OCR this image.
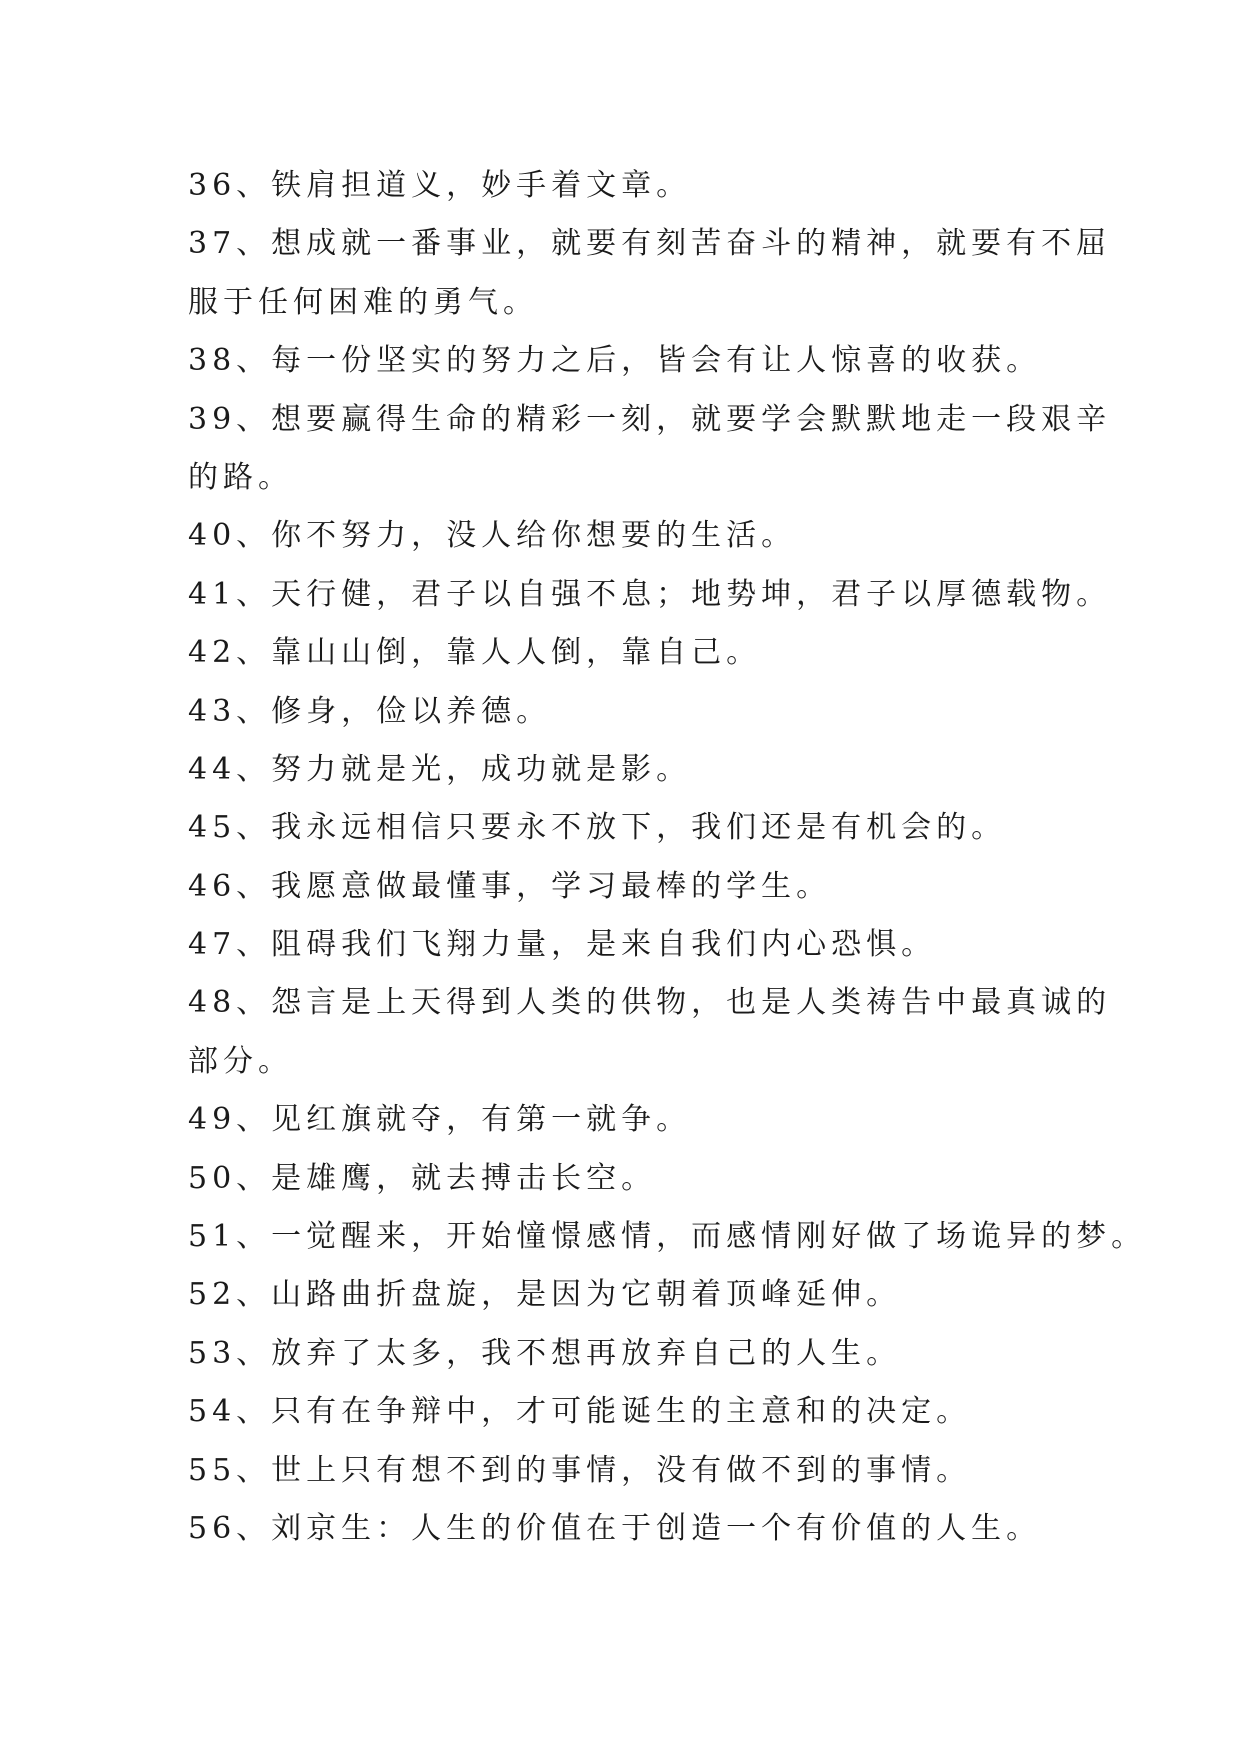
36、铁肩担道义，妙手着文章。
37、想成就一番事业，就要有刻苦奋斗的精神，就要有不屈
服于任何困难的勇气。
38、每一份坚实的努力之后，皆会有让人惊喜的收获。
39、想要赢得生命的精彩一刻，就要学会默默地走一段艰辛
的路。
40、你不努力，没人给你想要的生活。
41、天行健，君子以自强不息；地势坤，君子以厚德载物。
42、靠山山倒，靠人人倒，靠自己。
43、修身，俭以养德。
44、努力就是光，成功就是影。
45、我永远相信只要永不放下，我们还是有机会的。
46、我愿意做最懂事，学习最棒的学生。
47、阻碍我们飞翔力量，是来自我们内心恐惧。
48、怨言是上天得到人类的供物，也是人类祷告中最真诚的
部分。
49、见红旗就夺，有第一就争。
50、是雄鹰，就去搏击长空。
51、一觉醒来，开始憧憬感情，而感情刚好做了场诡异的梦。
52、山路曲折盘旋，是因为它朝着顶峰延伸。
53、放弃了太多，我不想再放弃自己的人生。
54、只有在争辩中，才可能诞生的主意和的决定。
55、世上只有想不到的事情，没有做不到的事情。
56、刘京生：人生的价值在于创造一个有价值的人生。
